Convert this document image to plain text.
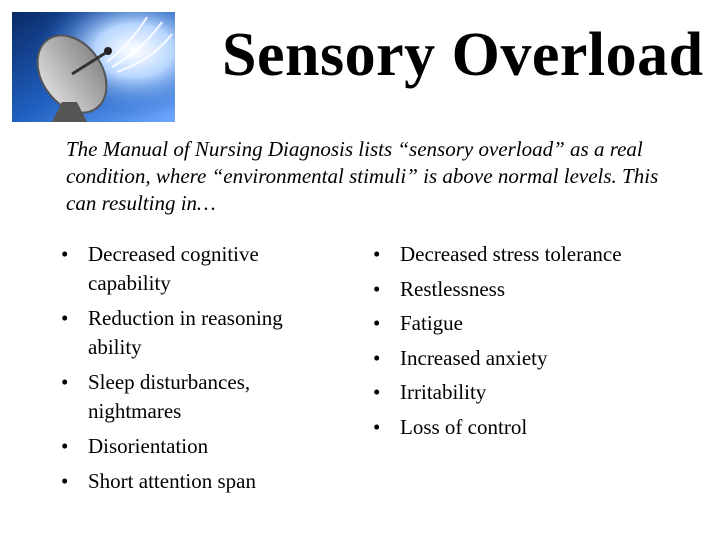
Sensory Overload
The Manual of Nursing Diagnosis lists “sensory overload” as a real condition, where “environmental stimuli” is above normal levels. This can resulting in…
• Decreased cognitive capability
• Reduction in reasoning ability
• Sleep disturbances, nightmares
• Disorientation
• Short attention span
• Decreased stress tolerance
• Restlessness
• Fatigue
• Increased anxiety
• Irritability
• Loss of control
